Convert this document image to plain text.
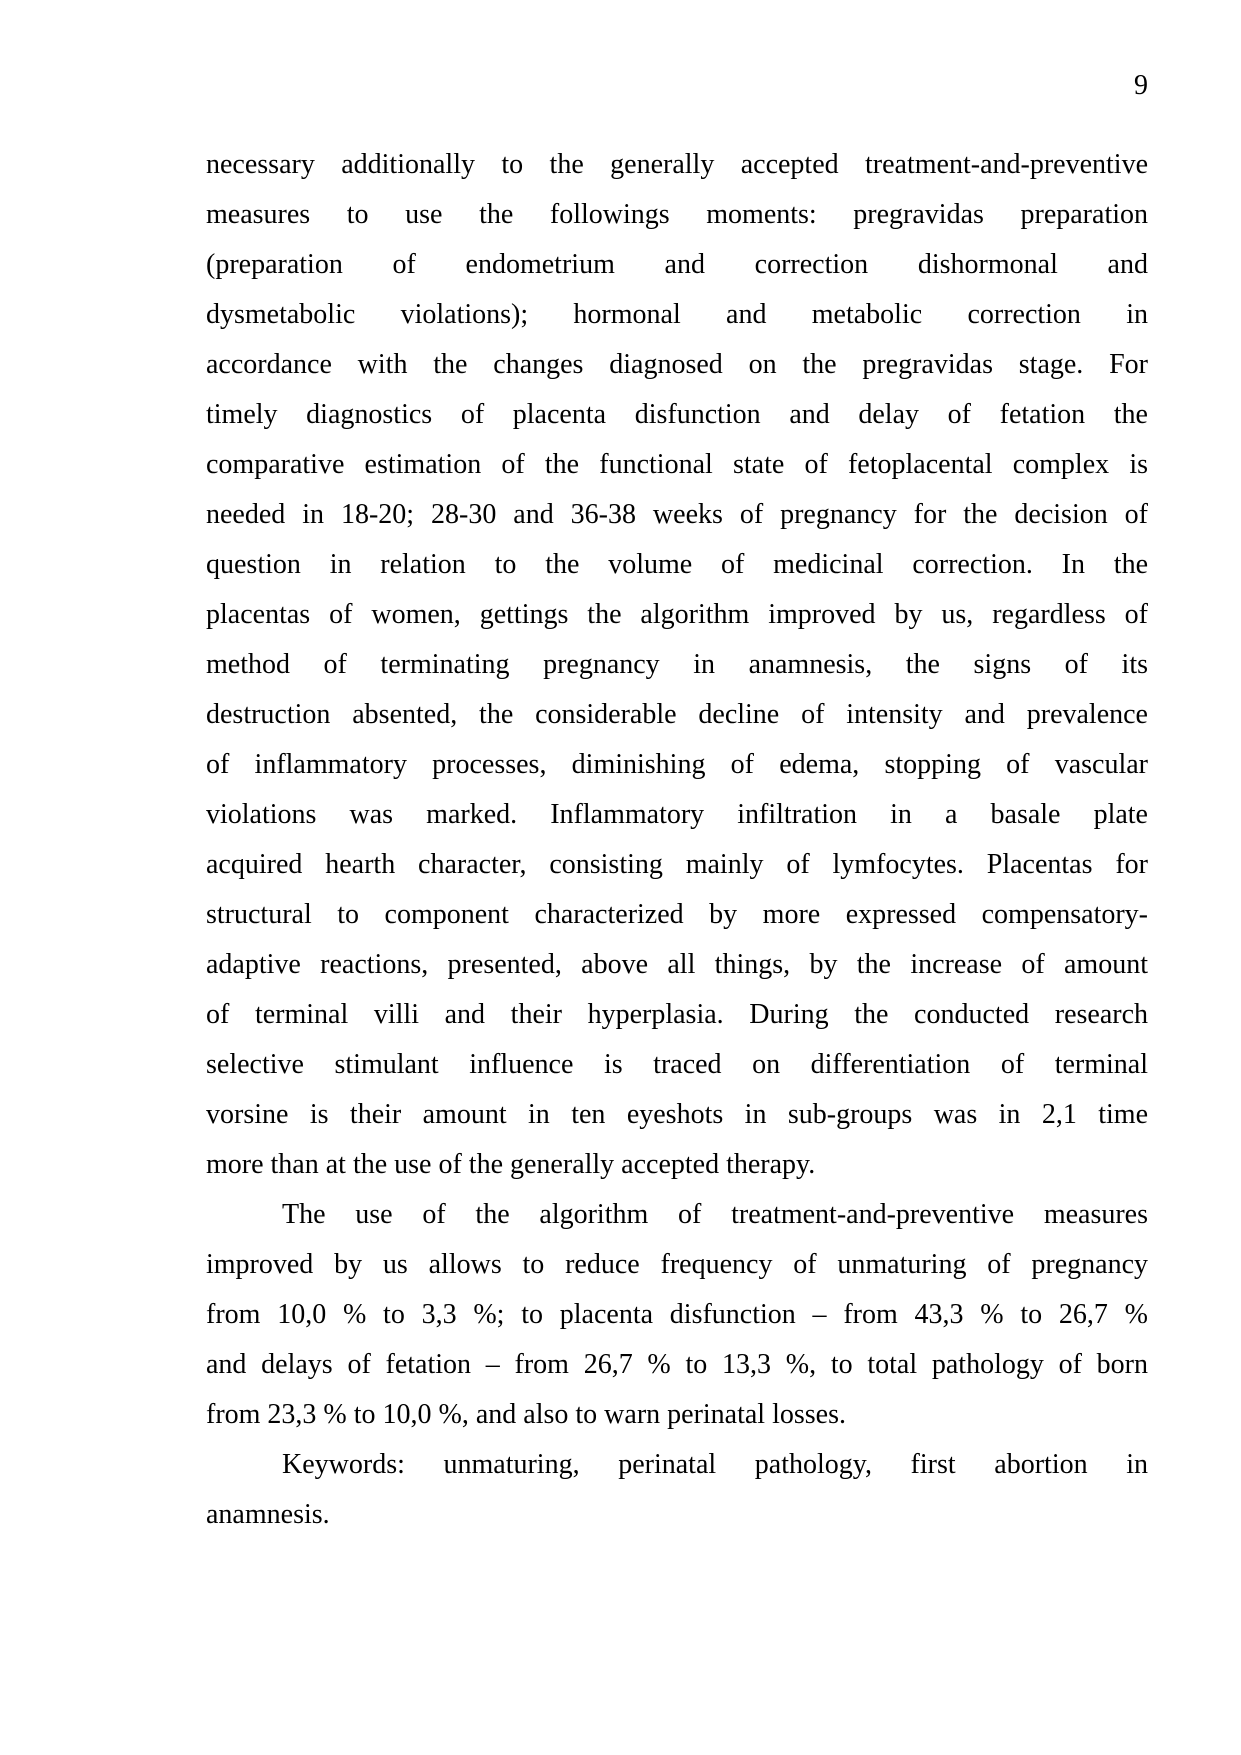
9
necessary additionally to the generally accepted treatment-and-preventive
measures to use the followings moments: pregravidas preparation
(preparation of endometrium and correction dishormonal and
dysmetabolic violations); hormonal and metabolic correction in
accordance with the changes diagnosed on the pregravidas stage. For
timely diagnostics of placenta disfunction and delay of fetation the
comparative estimation of the functional state of fetoplacental complex is
needed in 18-20; 28-30 and 36-38 weeks of pregnancy for the decision of
question in relation to the volume of medicinal correction. In the
placentas of women, gettings the algorithm improved by us, regardless of
method of terminating pregnancy in anamnesis, the signs of its
destruction absented, the considerable decline of intensity and prevalence
of inflammatory processes, diminishing of edema, stopping of vascular
violations was marked. Inflammatory infiltration in a basale plate
acquired hearth character, consisting mainly of lymfocytes. Placentas for
structural to component characterized by more expressed compensatory-
adaptive reactions, presented, above all things, by the increase of amount
of terminal villi and their hyperplasia. During the conducted research
selective stimulant influence is traced on differentiation of terminal
vorsine is their amount in ten eyeshots in sub-groups was in 2,1 time
more than at the use of the generally accepted therapy.
The use of the algorithm of treatment-and-preventive measures
improved by us allows to reduce frequency of unmaturing of pregnancy
from 10,0 % to 3,3 %; to placenta disfunction – from 43,3 % to 26,7 %
and delays of fetation – from 26,7 % to 13,3 %, to total pathology of born
from 23,3 % to 10,0 %, and also to warn perinatal losses.
Keywords: unmaturing, perinatal pathology, first abortion in
anamnesis.
